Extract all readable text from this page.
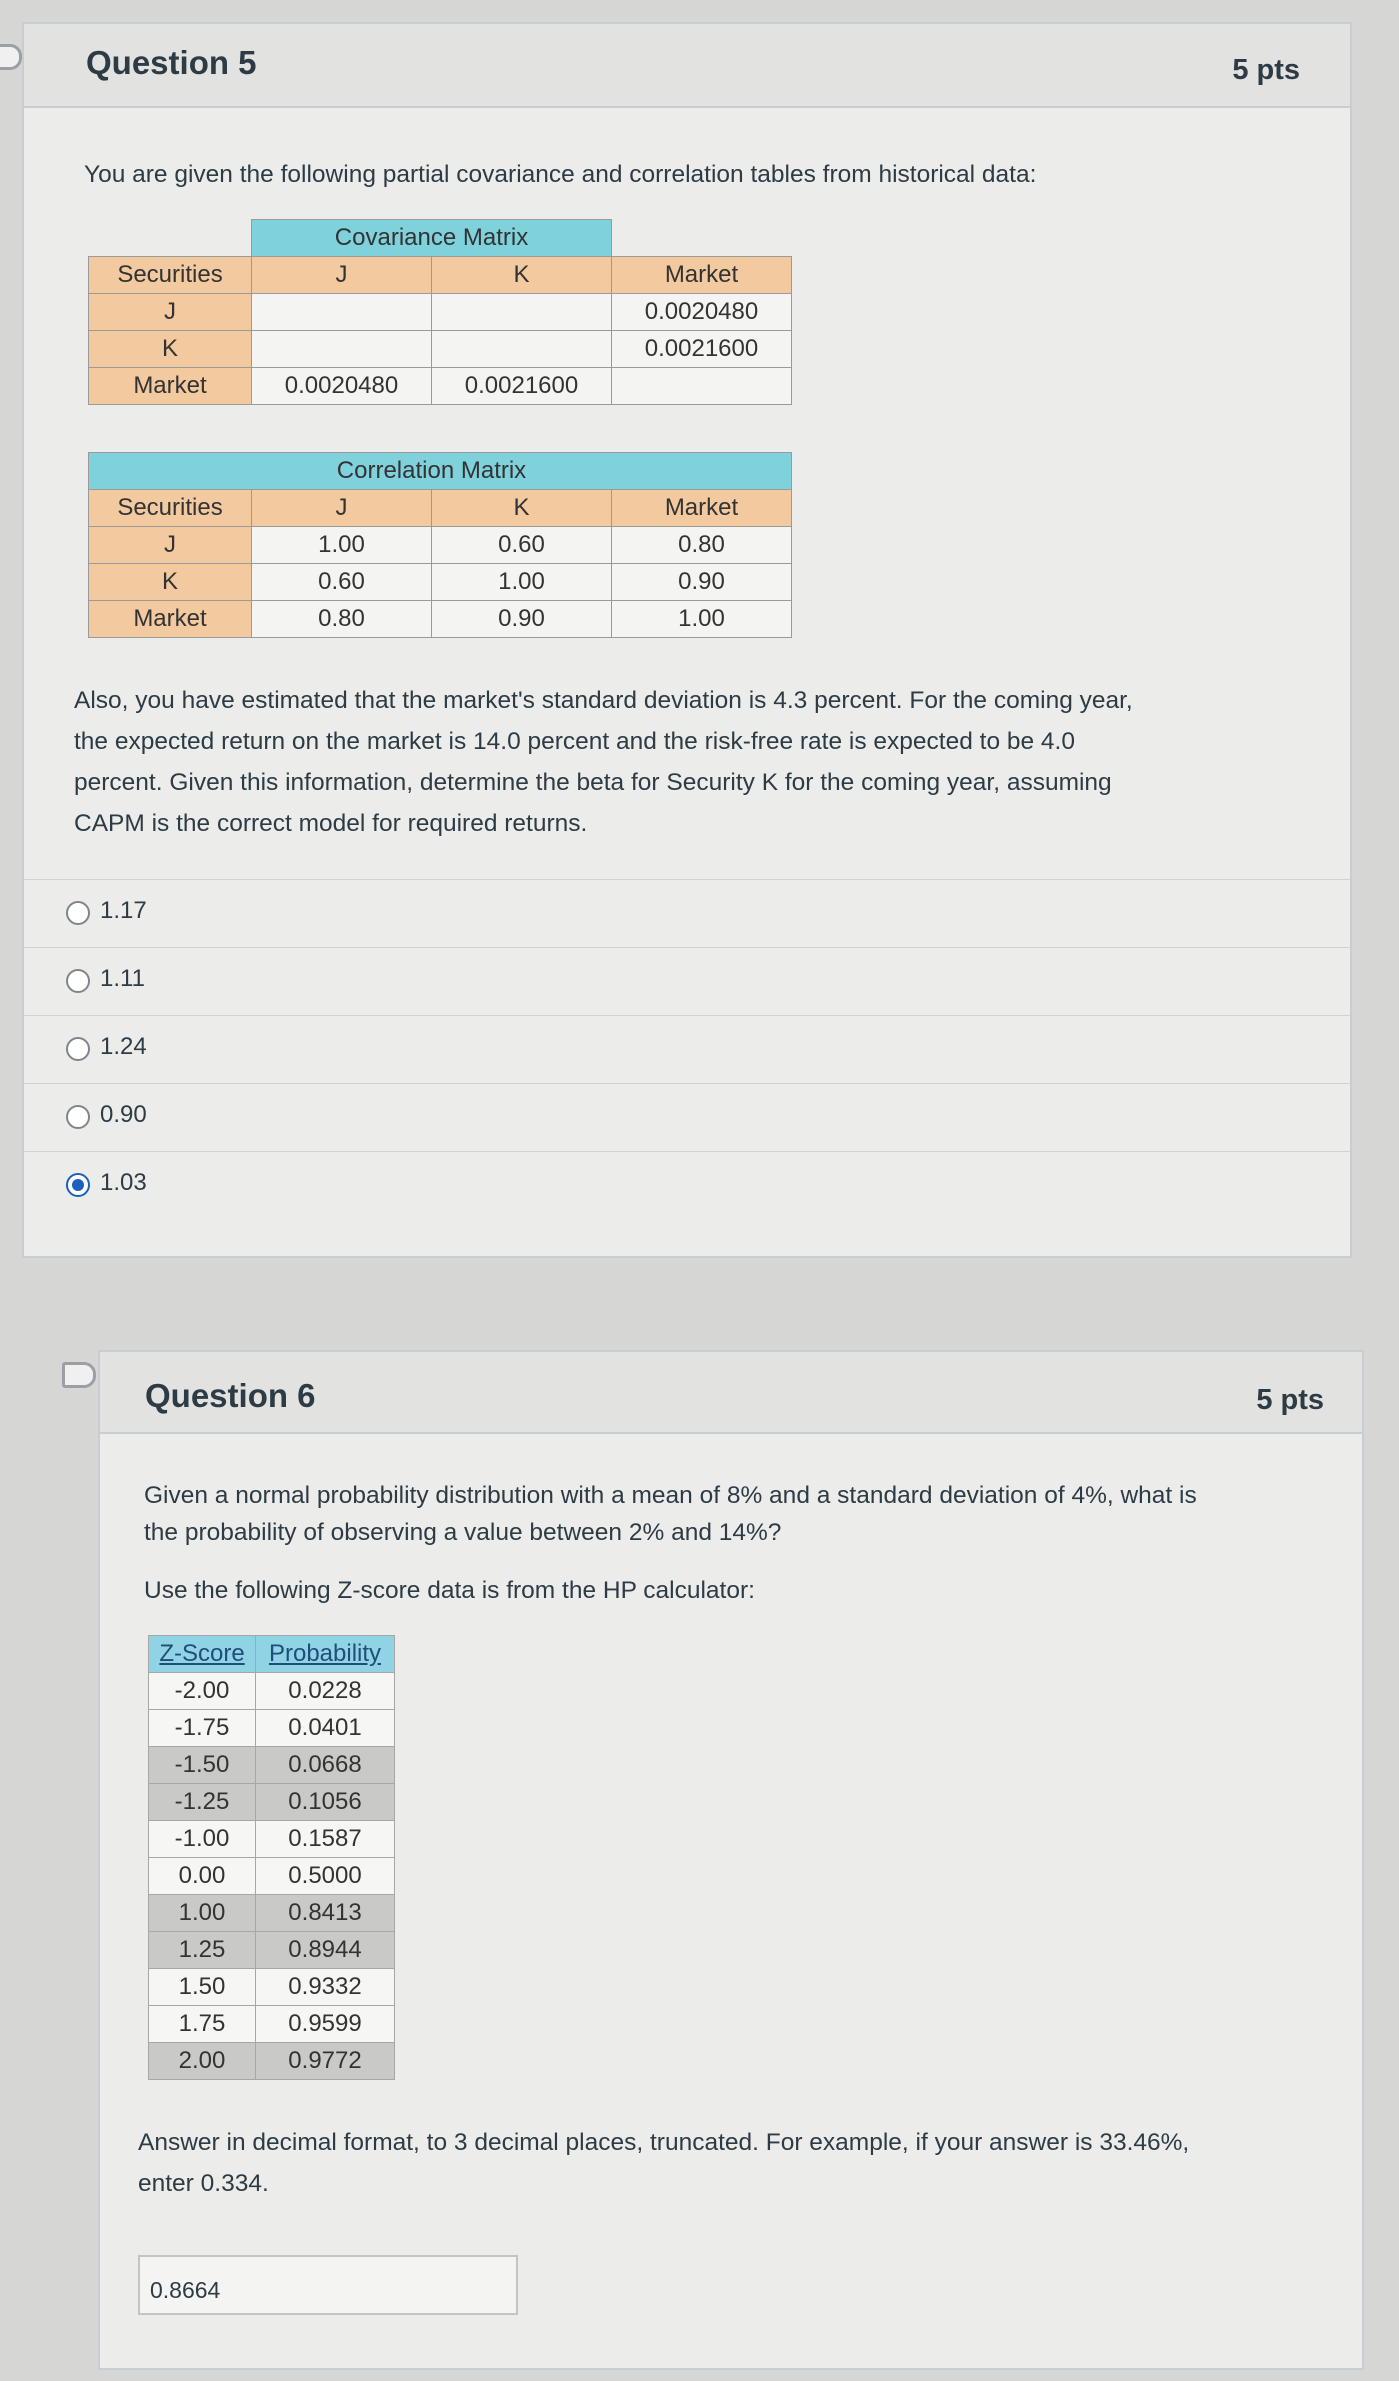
Question 5	5 pts
You are given the following partial covariance and correlation tables from historical data:
	Covariance Matrix		
Securities	J	K	Market
J			0.0020480
K			0.0021600
Market	0.0020480	0.0021600	
	Correlation Matrix		
Securities	J	K	Market
J	1.00	0.60	0.80
K	0.60	1.00	0.90
Market	0.80	0.90	1.00
Also, you have estimated that the market's standard deviation is 4.3 percent. For the coming year,
the expected return on the market is 14.0 percent and the risk-free rate is expected to be 4.0
percent. Given this information, determine the beta for Security K for the coming year, assuming
CAPM is the correct model for required returns.
1.17
1.11
1.24
0.90
1.03
Question 6	5 pts
Given a normal probability distribution with a mean of 8% and a standard deviation of 4%, what is
the probability of observing a value between 2% and 14%?
Use the following Z-score data is from the HP calculator:
Z-Score	Probability
-2.00	0.0228
-1.75	0.0401
-1.50	0.0668
-1.25	0.1056
-1.00	0.1587
0.00	0.5000
1.00	0.8413
1.25	0.8944
1.50	0.9332
1.75	0.9599
2.00	0.9772
Answer in decimal format, to 3 decimal places, truncated. For example, if your answer is 33.46%,
enter 0.334.
0.8664
